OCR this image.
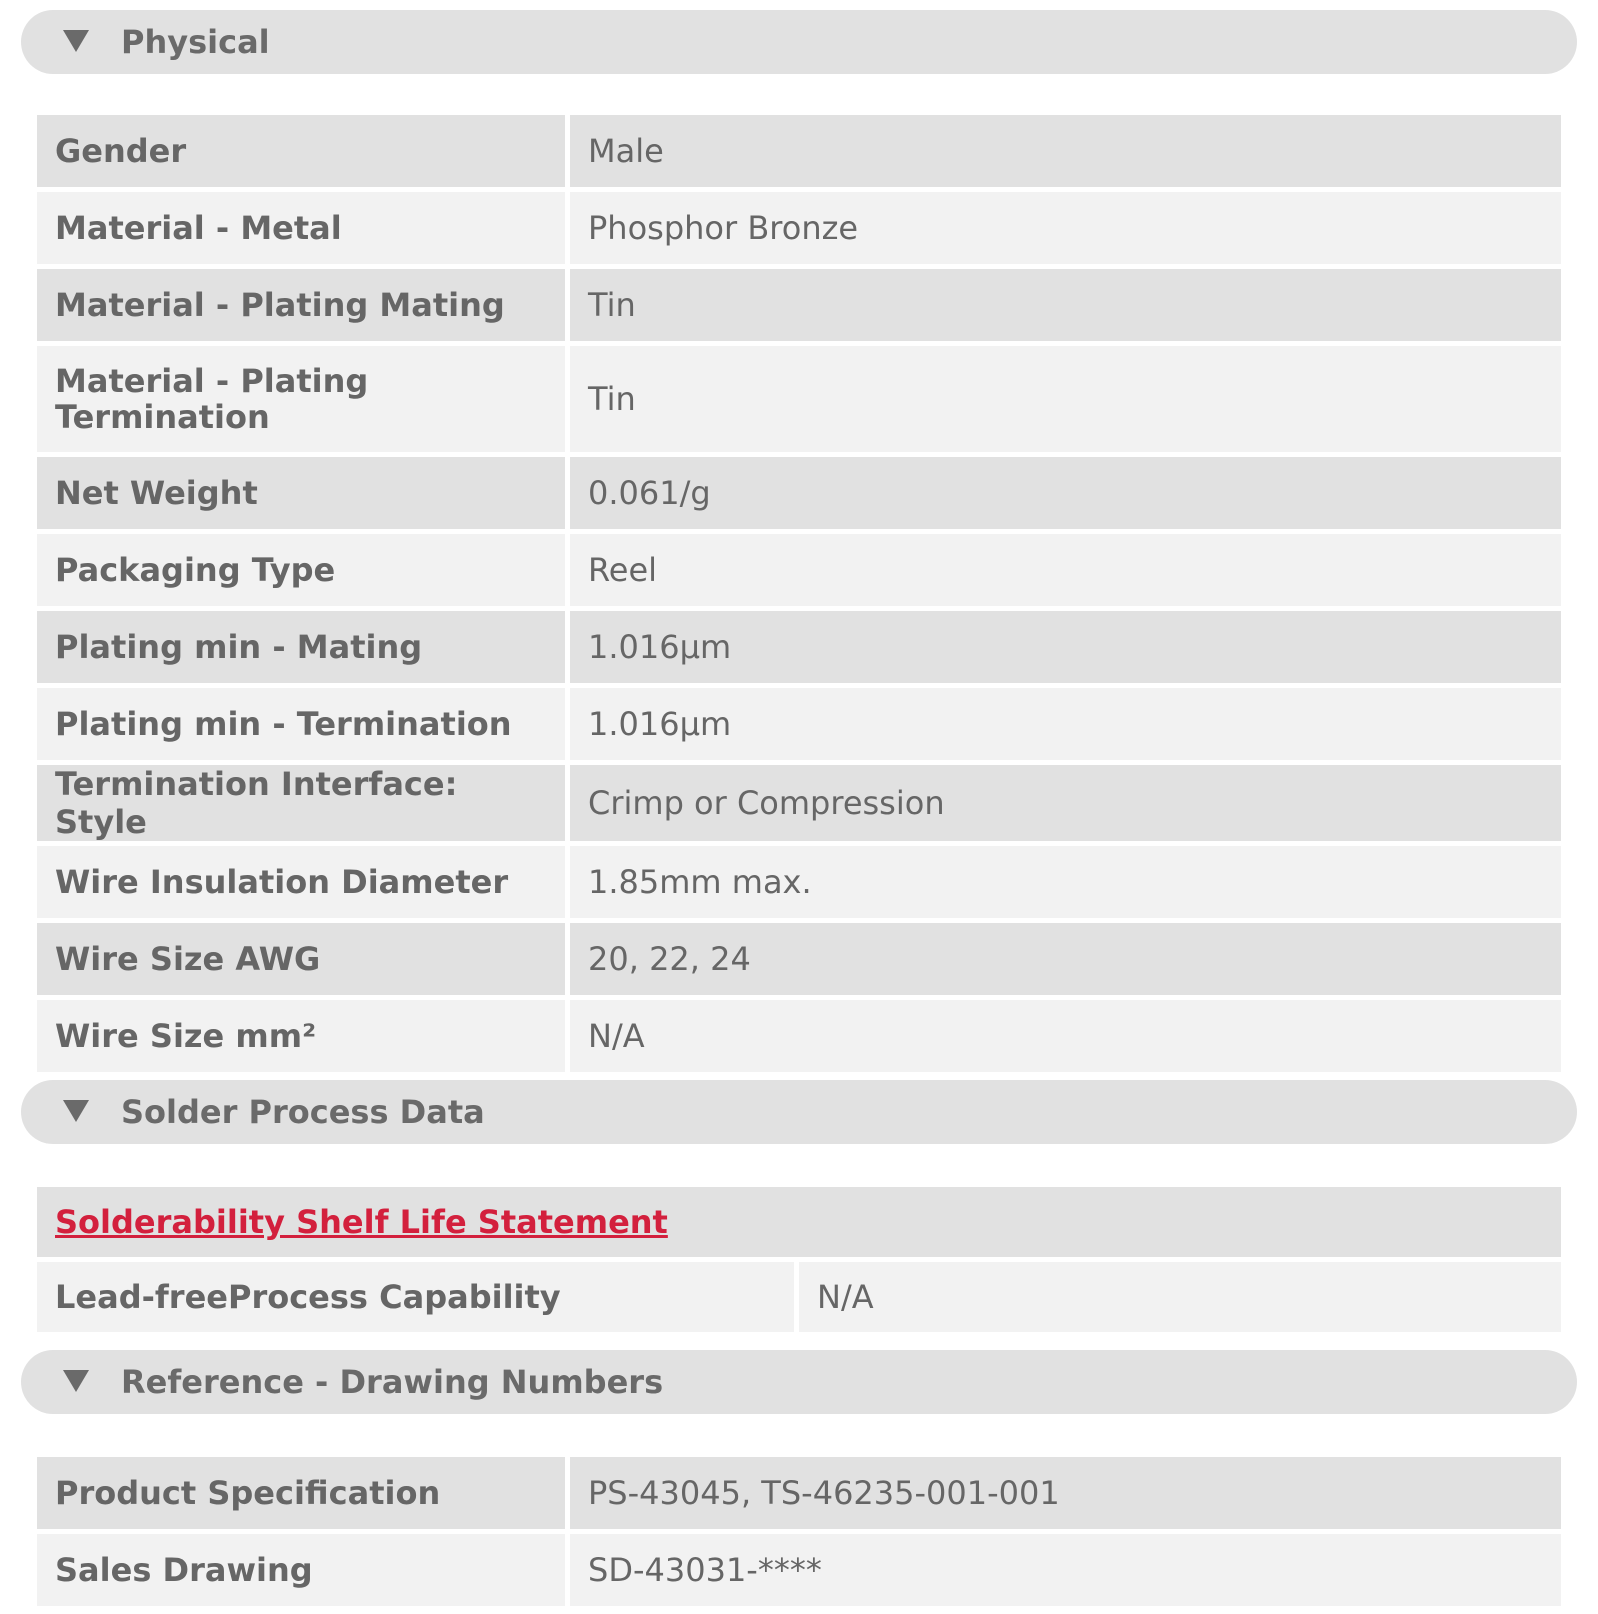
Physical
Gender	Male
Material - Metal	Phosphor Bronze
Material - Plating Mating	Tin
Material - Plating Termination	Tin
Net Weight	0.061/g
Packaging Type	Reel
Plating min - Mating	1.016µm
Plating min - Termination	1.016µm
Termination Interface: Style	Crimp or Compression
Wire Insulation Diameter	1.85mm max.
Wire Size AWG	20, 22, 24
Wire Size mm²	N/A
Solder Process Data
Solderability Shelf Life Statement
Lead-freeProcess Capability	N/A
Reference - Drawing Numbers
Product Specification	PS-43045, TS-46235-001-001
Sales Drawing	SD-43031-****
